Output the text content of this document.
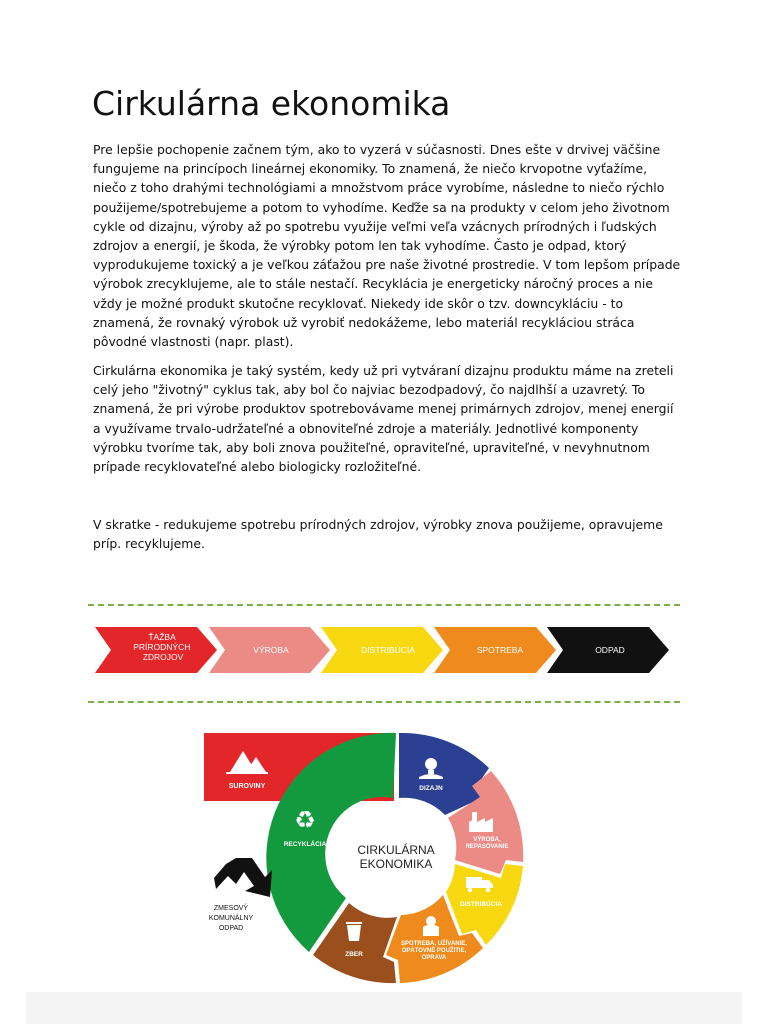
Cirkulárna ekonomika

Pre lepšie pochopenie začnem tým, ako to vyzerá v súčasnosti. Dnes ešte v drvivej väčšine fungujeme na princípoch lineárnej ekonomiky. To znamená, že niečo krvopotne vyťažíme, niečo z toho drahými technológiami a množstvom práce vyrobíme, následne to niečo rýchlo použijeme/spotrebujeme a potom to vyhodíme. Keďže sa na produkty v celom jeho životnom cykle od dizajnu, výroby až po spotrebu využije veľmi veľa vzácnych prírodných i ľudských zdrojov a energií, je škoda, že výrobky potom len tak vyhodíme. Často je odpad, ktorý vyprodukujeme toxický a je veľkou záťažou pre naše životné prostredie. V tom lepšom prípade výrobok zrecyklujeme, ale to stále nestačí. Recyklácia je energeticky náročný proces a nie vždy je možné produkt skutočne recyklovať. Niekedy ide skôr o tzv. downcykláciu - to znamená, že rovnaký výrobok už vyrobiť nedokážeme, lebo materiál recykláciou stráca pôvodné vlastnosti (napr. plast).

Cirkulárna ekonomika je taký systém, kedy už pri vytváraní dizajnu produktu máme na zreteli celý jeho "životný" cyklus tak, aby bol čo najviac bezodpadový, čo najdlhší a uzavretý. To znamená, že pri výrobe produktov spotrebovávame menej primárnych zdrojov, menej energií a využívame trvalo-udržateľné a obnoviteľné zdroje a materiály. Jednotlivé komponenty výrobku tvoríme tak, aby boli znova použiteľné, opraviteľné, upraviteľné, v nevyhnutnom prípade recyklovateľné alebo biologicky rozložiteľné.

V skratke - redukujeme spotrebu prírodných zdrojov, výrobky znova použijeme, opravujeme príp. recyklujeme.

ŤAŽBA PRÍRODNÝCH ZDROJOV
VÝROBA	DISTRIBÚCIA	SPOTREBA	ODPAD
SUROVINY
CIRKULÁRNA
EKONOMIKA
♻
RECYKLÁCIA
DIZAJN
VÝROBA,
REPASOVANIE
DISTRIBÚCIA
SPOTREBA, UŽÍVANIE,
OPÄTOVNÉ POUŽITIE,
OPRAVA
ZBER
ZMESOVÝ
KOMUNÁLNY
ODPAD
